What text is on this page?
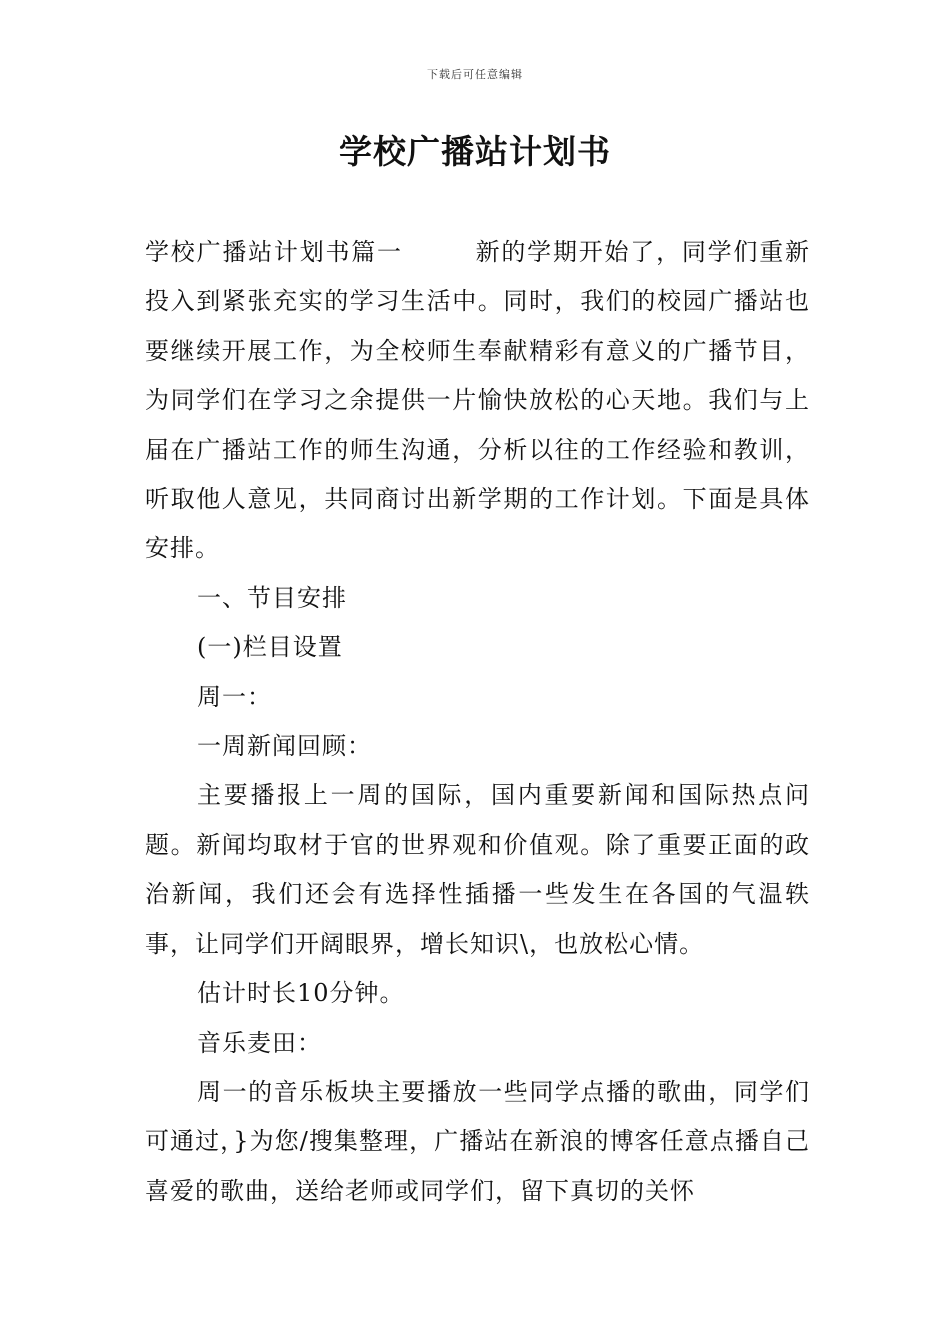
下载后可任意编辑
学校广播站计划书

学校广播站计划书篇一	新的学期开始了，同学们重新投入到紧张充实的学习生活中。同时，我们的校园广播站也要继续开展工作，为全校师生奉献精彩有意义的广播节目，为同学们在学习之余提供一片愉快放松的心天地。我们与上届在广播站工作的师生沟通，分析以往的工作经验和教训，听取他人意见，共同商讨出新学期的工作计划。下面是具体安排。

一、节目安排

(一)栏目设置

周一：

一周新闻回顾：

主要播报上一周的国际，国内重要新闻和国际热点问题。新闻均取材于官的世界观和价值观。除了重要正面的政治新闻，我们还会有选择性插播一些发生在各国的气温轶事，让同学们开阔眼界，增长知识\，也放松心情。

估计时长10分钟。

音乐麦田：

周一的音乐板块主要播放一些同学点播的歌曲，同学们可通过，}为您/搜集整理，广播站在新浪的博客任意点播自己喜爱的歌曲，送给老师或同学们，留下真切的关怀
